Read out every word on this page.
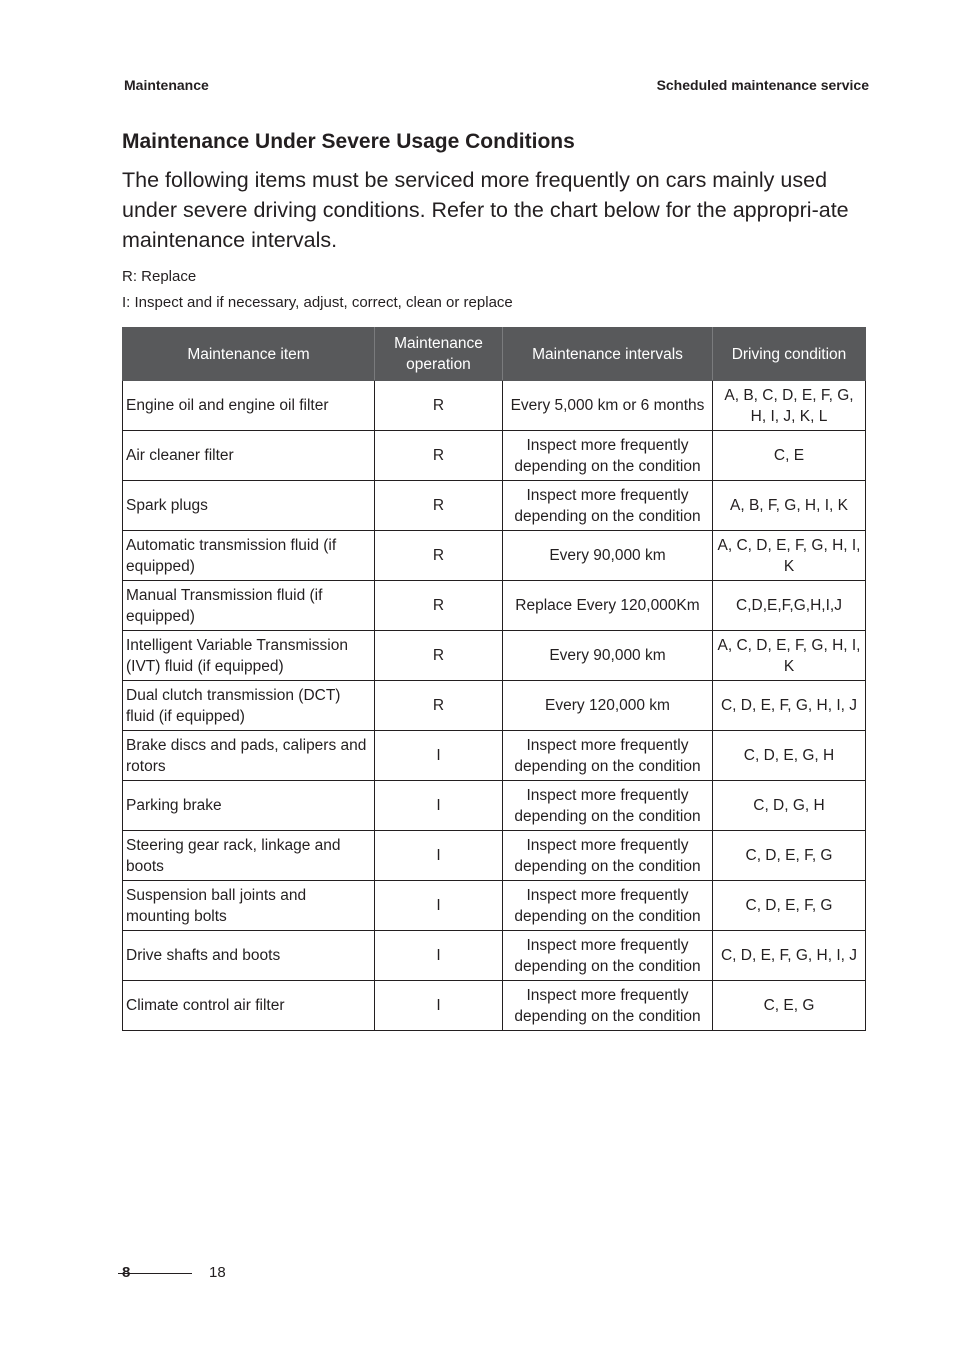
Maintenance	Scheduled maintenance service
Maintenance Under Severe Usage Conditions

The following items must be serviced more frequently on cars mainly used under severe driving conditions. Refer to the chart below for the appropri-ate maintenance intervals.

R: Replace

I: Inspect and if necessary, adjust, correct, clean or replace

Maintenance item	Maintenance operation	Maintenance intervals	Driving condition
Engine oil and engine oil filter	R	Every 5,000 km or 6 months	A, B, C, D, E, F, G, H, I, J, K, L
Air cleaner filter	R	Inspect more frequently depending on the condition	C, E
Spark plugs	R	Inspect more frequently depending on the condition	A, B, F, G, H, I, K
Automatic transmission fluid (if equipped)	R	Every 90,000 km	A, C, D, E, F, G, H, I, K
Manual Transmission fluid (if equipped)	R	Replace Every 120,000Km	C,D,E,F,G,H,I,J
Intelligent Variable Transmission (IVT) fluid (if equipped)	R	Every 90,000 km	A, C, D, E, F, G, H, I, K
Dual clutch transmission (DCT) fluid (if equipped)	R	Every 120,000 km	C, D, E, F, G, H, I, J
Brake discs and pads, calipers and rotors	I	Inspect more frequently depending on the condition	C, D, E, G, H
Parking brake	I	Inspect more frequently depending on the condition	C, D, G, H
Steering gear rack, linkage and boots	I	Inspect more frequently depending on the condition	C, D, E, F, G
Suspension ball joints and mounting bolts	I	Inspect more frequently depending on the condition	C, D, E, F, G
Drive shafts and boots	I	Inspect more frequently depending on the condition	C, D, E, F, G, H, I, J
Climate control air filter	I	Inspect more frequently depending on the condition	C, E, G
8	18
